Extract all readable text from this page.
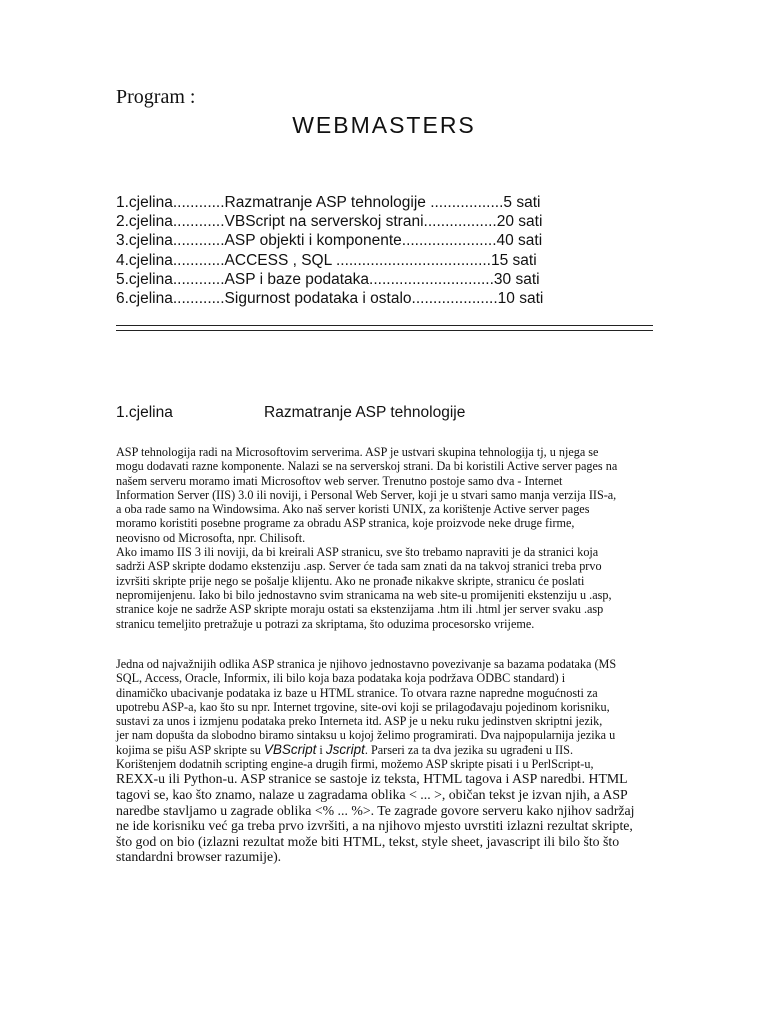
Program :
WEBMASTERS
1.cjelina............Razmatranje ASP tehnologije .................5 sati
2.cjelina............VBScript na serverskoj strani.................20 sati
3.cjelina............ASP objekti i komponente......................40 sati
4.cjelina............ACCESS , SQL ....................................15 sati
5.cjelina............ASP i baze podataka.............................30 sati
6.cjelina............Sigurnost podataka i ostalo....................10 sati
1.cjelina	Razmatranje ASP tehnologije
ASP tehnologija radi na Microsoftovim serverima. ASP je ustvari skupina tehnologija tj, u njega se
mogu dodavati razne komponente. Nalazi se na serverskoj strani. Da bi koristili Active server pages na
našem serveru moramo imati Microsoftov web server. Trenutno postoje samo dva - Internet
Information Server (IIS) 3.0 ili noviji, i Personal Web Server, koji je u stvari samo manja verzija IIS-a,
a oba rade samo na Windowsima. Ako naš server koristi UNIX, za korištenje Active server pages
moramo koristiti posebne programe za obradu ASP stranica, koje proizvode neke druge firme,
neovisno od Microsofta, npr. Chilisoft.
Ako imamo IIS 3 ili noviji, da bi kreirali ASP stranicu, sve što trebamo napraviti je da stranici koja
sadrži ASP skripte dodamo ekstenziju .asp. Server će tada sam znati da na takvoj stranici treba prvo
izvršiti skripte prije nego se pošalje klijentu. Ako ne pronađe nikakve skripte, stranicu će poslati
nepromijenjenu. Iako bi bilo jednostavno svim stranicama na web site-u promijeniti ekstenziju u .asp,
stranice koje ne sadrže ASP skripte moraju ostati sa ekstenzijama .htm ili .html jer server svaku .asp
stranicu temeljito pretražuje u potrazi za skriptama, što oduzima procesorsko vrijeme.
Jedna od najvažnijih odlika ASP stranica je njihovo jednostavno povezivanje sa bazama podataka (MS
SQL, Access, Oracle, Informix, ili bilo koja baza podataka koja podržava ODBC standard) i
dinamičko ubacivanje podataka iz baze u HTML stranice. To otvara razne napredne mogućnosti za
upotrebu ASP-a, kao što su npr. Internet trgovine, site-ovi koji se prilagođavaju pojedinom korisniku,
sustavi za unos i izmjenu podataka preko Interneta itd. ASP je u neku ruku jedinstven skriptni jezik,
jer nam dopušta da slobodno biramo sintaksu u kojoj želimo programirati. Dva najpopularnija jezika u
kojima se pišu ASP skripte su VBScript i Jscript. Parseri za ta dva jezika su ugrađeni u IIS.
Korištenjem dodatnih scripting engine-a drugih firmi, možemo ASP skripte pisati i u PerlScript-u,
REXX-u ili Python-u. ASP stranice se sastoje iz teksta, HTML tagova i ASP naredbi. HTML
tagovi se, kao što znamo, nalaze u zagradama oblika < ... >, običan tekst je izvan njih, a ASP
naredbe stavljamo u zagrade oblika <% ... %>. Te zagrade govore serveru kako njihov sadržaj
ne ide korisniku već ga treba prvo izvršiti, a na njihovo mjesto uvrstiti izlazni rezultat skripte,
što god on bio (izlazni rezultat može biti HTML, tekst, style sheet, javascript ili bilo što što
standardni browser razumije).
